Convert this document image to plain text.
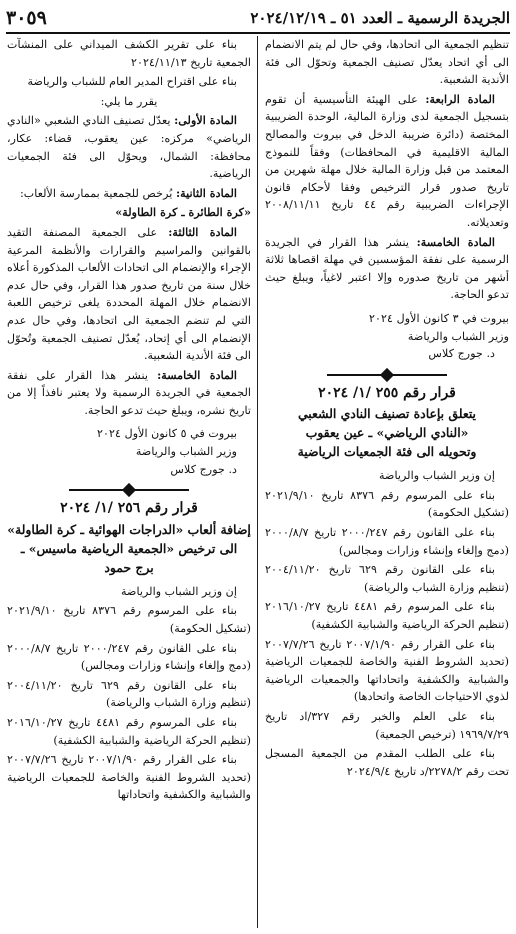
الجريدة الرسمية ـ العدد ٥١ ـ ٢٠٢٤/١٢/١٩
٣٠٥٩

تنظيم الجمعية الى اتحادها، وفي حال لم يتم الانضمام الى أي اتحاد يعدّل تصنيف الجمعية وتحوّل الى فئة الأندية الشعبية.

المادة الرابعة: على الهيئة التأسيسية أن تقوم بتسجيل الجمعية لدى وزارة المالية، الوحدة الضريبية المختصة (دائرة ضريبة الدخل في بيروت والمصالح المالية الاقليمية في المحافظات) وفقاً للنموذج المعتمد من قبل وزارة المالية خلال مهلة شهرين من تاريخ صدور قرار الترخيص وفقا لأحكام قانون الإجراءات الضريبية رقم ٤٤ تاريخ ٢٠٠٨/١١/١١ وتعديلاته.

المادة الخامسة: ينشر هذا القرار في الجريدة الرسمية على نفقة المؤسسين في مهلة اقصاها ثلاثة أشهر من تاريخ صدوره وإلا اعتبر لاغياً، ويبلغ حيث تدعو الحاجة.

بيروت في ٣ كانون الأول ٢٠٢٤

وزير الشباب والرياضة

د. جورج كلاس

قرار رقم ٢٥٥ /١/ ٢٠٢٤
يتعلق بإعادة تصنيف النادي الشعبي
«النادي الرياضي» ـ عين يعقوب
وتحويله الى فئة الجمعيات الرياضية

إن وزير الشباب والرياضة

بناء على المرسوم رقم ٨٣٧٦ تاريخ ٢٠٢١/٩/١٠ (تشكيل الحكومة)

بناء على القانون رقم ٢٠٠٠/٢٤٧ تاريخ ٢٠٠٠/٨/٧ (دمج وإلغاء وإنشاء وزارات ومجالس)

بناء على القانون رقم ٦٢٩ تاريخ ٢٠٠٤/١١/٢٠ (تنظيم وزارة الشباب والرياضة)

بناء على المرسوم رقم ٤٤٨١ تاريخ ٢٠١٦/١٠/٢٧ (تنظيم الحركة الرياضية والشبابية الكشفية)

بناء على القرار رقم ٢٠٠٧/١/٩٠ تاريخ ٢٠٠٧/٧/٢٦ (تحديد الشروط الفنية والخاصة للجمعيات الرياضية والشبابية والكشفية واتحاداتها والجمعيات الرياضية لذوي الاحتياجات الخاصة واتحادها)

بناء على العلم والخبر رقم ٣٢٧/اد تاريخ ١٩٦٩/٧/٢٩ (ترخيص الجمعية)

بناء على الطلب المقدم من الجمعية المسجل تحت رقم ٢٢٧٨/٢/د تاريخ ٢٠٢٤/٩/٤

بناء على تقرير الكشف الميداني على المنشآت الجمعية تاريخ ٢٠٢٤/١١/١٣

بناء على اقتراح المدير العام للشباب والرياضة

يقرر ما يلي:

المادة الأولى: يعدّل تصنيف النادي الشعبي «النادي الرياضي» مركزه: عين يعقوب، قضاء: عكار، محافظة: الشمال، ويحوّل الى فئة الجمعيات الرياضية.

المادة الثانية: يُرخص للجمعية بممارسة الألعاب:

«كرة الطائرة ـ كرة الطاولة»

المادة الثالثة: على الجمعية المصنفة التقيد بالقوانين والمراسيم والقرارات والأنظمة المرعية الإجراء والإنضمام الى اتحادات الألعاب المذكورة أعلاه خلال سنة من تاريخ صدور هذا القرار، وفي حال عدم الانضمام خلال المهلة المحددة يلغى ترخيص اللعبة التي لم تنضم الجمعية الى اتحادها، وفي حال عدم الإنضمام الى أي إتحاد، يُعدّل تصنيف الجمعية وتُحوّل الى فئة الأندية الشعبية.

المادة الخامسة: ينشر هذا القرار على نفقة الجمعية في الجريدة الرسمية ولا يعتبر نافذاً إلا من تاريخ نشره، ويبلغ حيث تدعو الحاجة.

بيروت في ٥ كانون الأول ٢٠٢٤

وزير الشباب والرياضة

د. جورج كلاس

قرار رقم ٢٥٦ /١/ ٢٠٢٤
إضافة ألعاب «الدراجات الهوائية ـ كرة الطاولة»
الى ترخيص «الجمعية الرياضية ماسيس» ـ
برج حمود

إن وزير الشباب والرياضة

بناء على المرسوم رقم ٨٣٧٦ تاريخ ٢٠٢١/٩/١٠ (تشكيل الحكومة)

بناء على القانون رقم ٢٠٠٠/٢٤٧ تاريخ ٢٠٠٠/٨/٧ (دمج وإلغاء وإنشاء وزارات ومجالس)

بناء على القانون رقم ٦٢٩ تاريخ ٢٠٠٤/١١/٢٠ (تنظيم وزارة الشباب والرياضة)

بناء على المرسوم رقم ٤٤٨١ تاريخ ٢٠١٦/١٠/٢٧ (تنظيم الحركة الرياضية والشبابية الكشفية)

بناء على القرار رقم ٢٠٠٧/١/٩٠ تاريخ ٢٠٠٧/٧/٢٦ (تحديد الشروط الفنية والخاصة للجمعيات الرياضية والشبابية والكشفية واتحاداتها
